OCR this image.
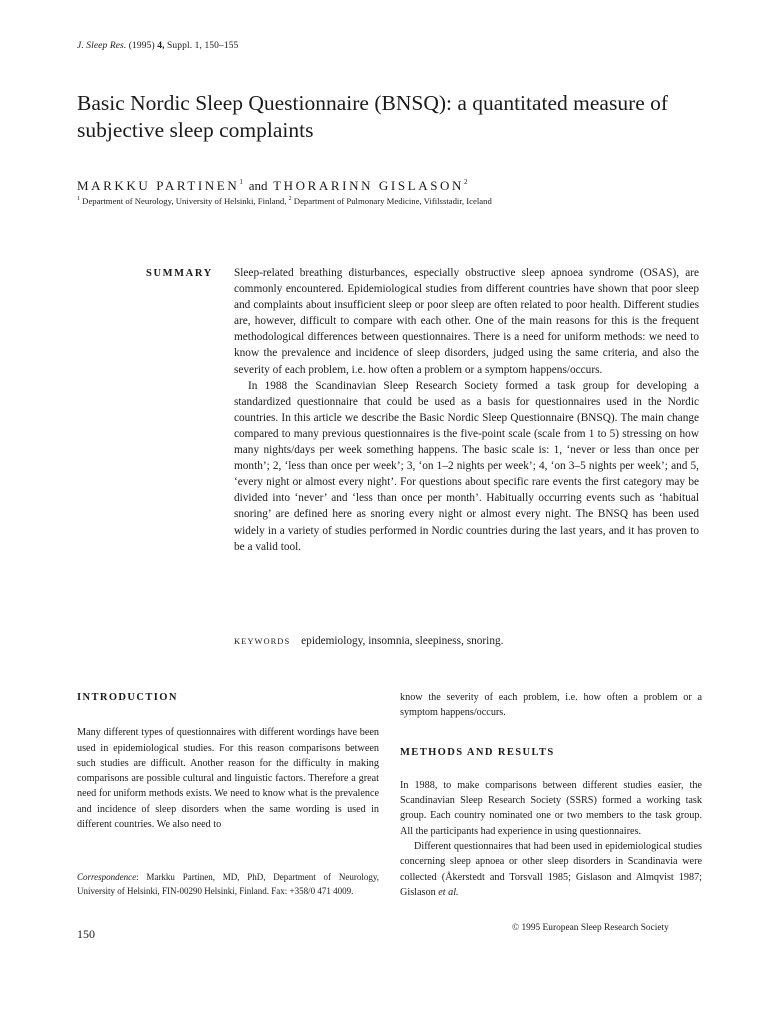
J. Sleep Res. (1995) 4, Suppl. 1, 150–155
Basic Nordic Sleep Questionnaire (BNSQ): a quantitated measure of subjective sleep complaints
MARKKU PARTINEN$^1$ and THORARINN GISLASON$^2$
$^1$ Department of Neurology, University of Helsinki, Finland, $^2$ Department of Pulmonary Medicine, Vifilsstadir, Iceland
SUMMARY Sleep-related breathing disturbances, especially obstructive sleep apnoea syndrome (OSAS), are commonly encountered. Epidemiological studies from different countries have shown that poor sleep and complaints about insufficient sleep or poor sleep are often related to poor health. Different studies are, however, difficult to compare with each other. One of the main reasons for this is the frequent methodological differences between questionnaires. There is a need for uniform methods: we need to know the prevalence and incidence of sleep disorders, judged using the same criteria, and also the severity of each problem, i.e. how often a problem or a symptom happens/occurs.

In 1988 the Scandinavian Sleep Research Society formed a task group for developing a standardized questionnaire that could be used as a basis for questionnaires used in the Nordic countries. In this article we describe the Basic Nordic Sleep Questionnaire (BNSQ). The main change compared to many previous questionnaires is the five-point scale (scale from 1 to 5) stressing on how many nights/days per week something happens. The basic scale is: 1, ‘never or less than once per month’; 2, ‘less than once per week’; 3, ‘on 1–2 nights per week’; 4, ‘on 3–5 nights per week’; and 5, ‘every night or almost every night’. For questions about specific rare events the first category may be divided into ‘never’ and ‘less than once per month’. Habitually occurring events such as ‘habitual snoring’ are defined here as snoring every night or almost every night. The BNSQ has been used widely in a variety of studies performed in Nordic countries during the last years, and it has proven to be a valid tool.

KEYWORDS epidemiology, insomnia, sleepiness, snoring.
INTRODUCTION

Many different types of questionnaires with different wordings have been used in epidemiological studies. For this reason comparisons between such studies are difficult. Another reason for the difficulty in making comparisons are possible cultural and linguistic factors. Therefore a great need for uniform methods exists. We need to know what is the prevalence and incidence of sleep disorders when the same wording is used in different countries. We also need to

Correspondence: Markku Partinen, MD, PhD, Department of Neurology, University of Helsinki, FIN-00290 Helsinki, Finland. Fax: +358/0 471 4009.

know the severity of each problem, i.e. how often a problem or a symptom happens/occurs.

METHODS AND RESULTS

In 1988, to make comparisons between different studies easier, the Scandinavian Sleep Research Society (SSRS) formed a working task group. Each country nominated one or two members to the task group. All the participants had experience in using questionnaires.

Different questionnaires that had been used in epidemiological studies concerning sleep apnoea or other sleep disorders in Scandinavia were collected (Åkerstedt and Torsvall 1985; Gislason and Almqvist 1987; Gislason et al.

150	© 1995 European Sleep Research Society
